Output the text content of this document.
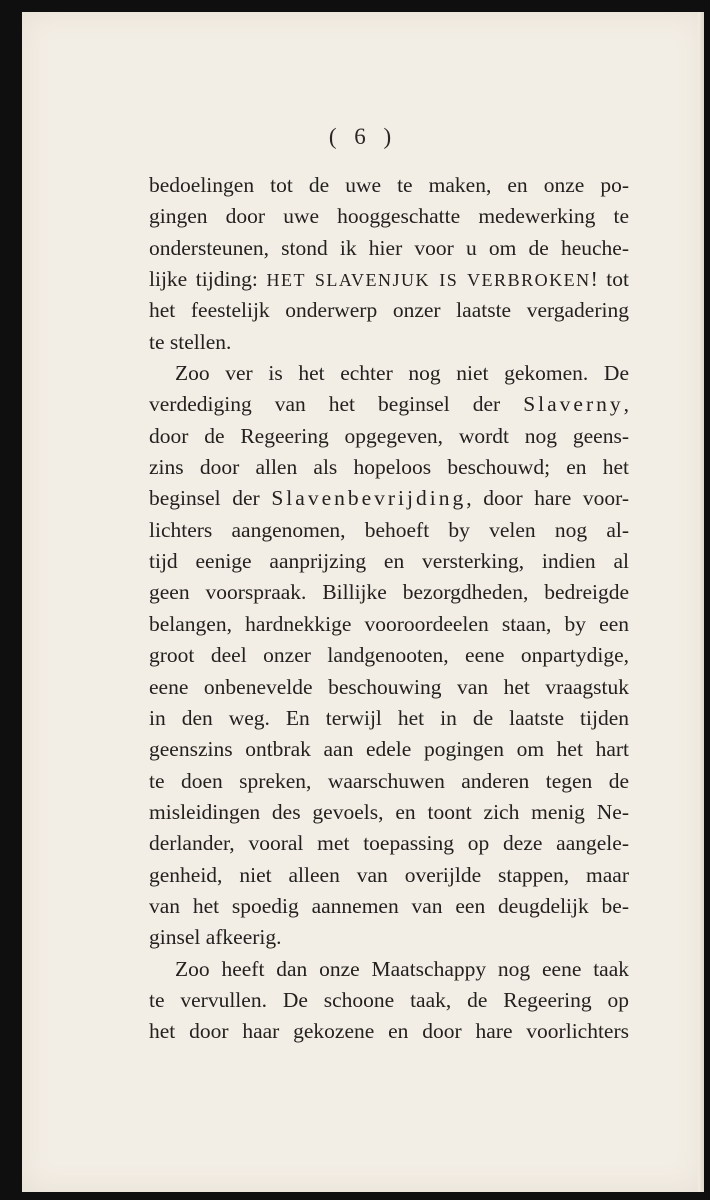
( 6 )
bedoelingen tot de uwe te maken, en onze po-
gingen door uwe hooggeschatte medewerking te
ondersteunen, stond ik hier voor u om de heuche-
lijke tijding: HET SLAVENJUK IS VERBROKEN! tot
het feestelijk onderwerp onzer laatste vergadering
te stellen.
Zoo ver is het echter nog niet gekomen. De
verdediging van het beginsel der Slaverny,
door de Regeering opgegeven, wordt nog geens-
zins door allen als hopeloos beschouwd; en het
beginsel der Slavenbevrijding, door hare voor-
lichters aangenomen, behoeft by velen nog al-
tijd eenige aanprijzing en versterking, indien al
geen voorspraak. Billijke bezorgdheden, bedreigde
belangen, hardnekkige vooroordeelen staan, by een
groot deel onzer landgenooten, eene onpartydige,
eene onbenevelde beschouwing van het vraagstuk
in den weg. En terwijl het in de laatste tijden
geenszins ontbrak aan edele pogingen om het hart
te doen spreken, waarschuwen anderen tegen de
misleidingen des gevoels, en toont zich menig Ne-
derlander, vooral met toepassing op deze aangele-
genheid, niet alleen van overijlde stappen, maar
van het spoedig aannemen van een deugdelijk be-
ginsel afkeerig.
Zoo heeft dan onze Maatschappy nog eene taak
te vervullen. De schoone taak, de Regeering op
het door haar gekozene en door hare voorlichters
